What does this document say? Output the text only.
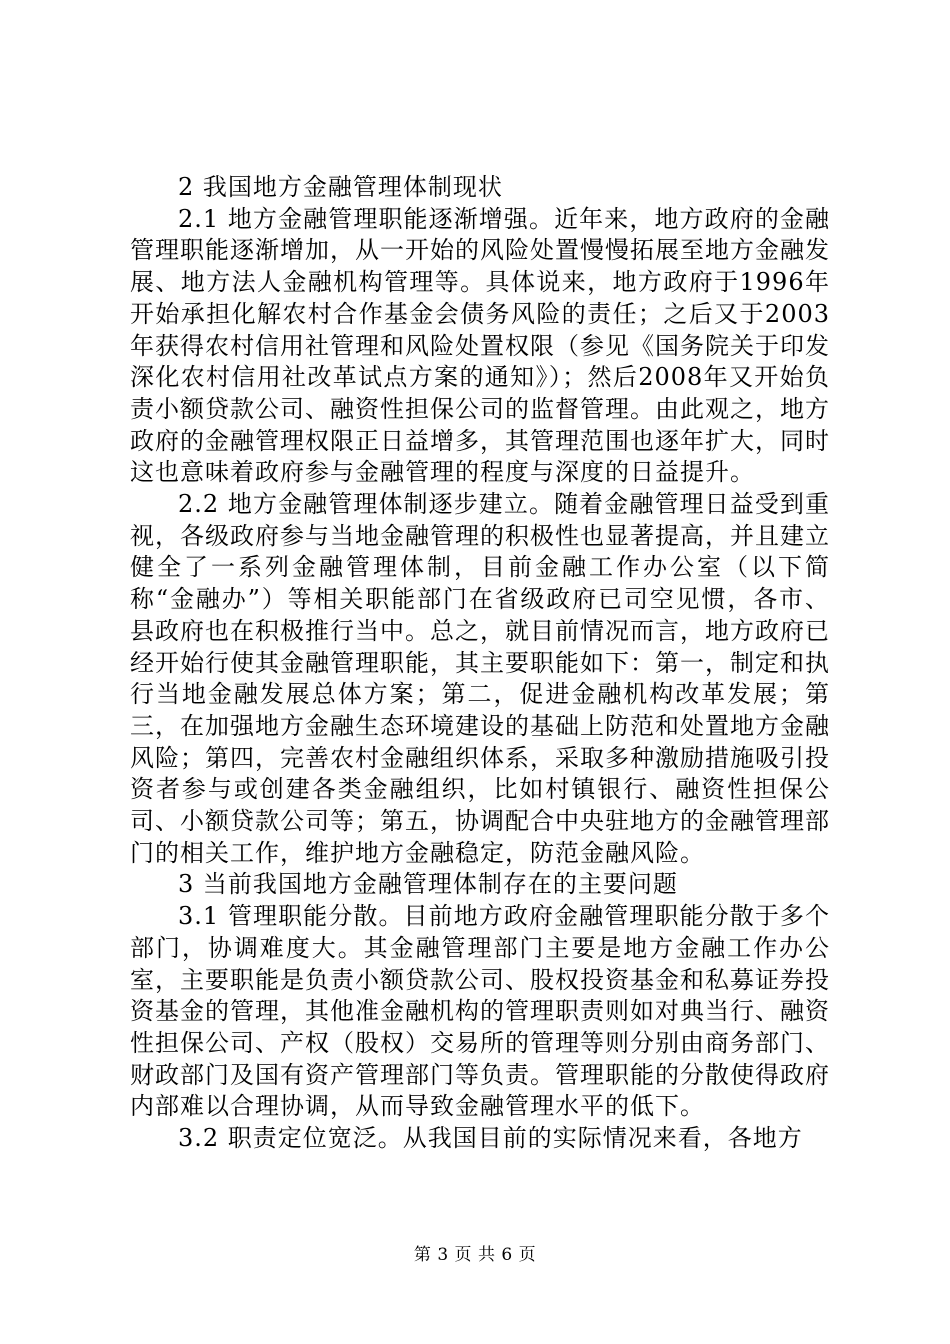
2 我国地方金融管理体制现状

2.1 地方金融管理职能逐渐增强。近年来，地方政府的金融管理职能逐渐增加，从一开始的风险处置慢慢拓展至地方金融发展、地方法人金融机构管理等。具体说来，地方政府于1996年开始承担化解农村合作基金会债务风险的责任；之后又于2003年获得农村信用社管理和风险处置权限（参见《国务院关于印发深化农村信用社改革试点方案的通知》）；然后2008年又开始负责小额贷款公司、融资性担保公司的监督管理。由此观之，地方政府的金融管理权限正日益增多，其管理范围也逐年扩大，同时这也意味着政府参与金融管理的程度与深度的日益提升。

2.2 地方金融管理体制逐步建立。随着金融管理日益受到重视，各级政府参与当地金融管理的积极性也显著提高，并且建立健全了一系列金融管理体制，目前金融工作办公室（以下简称“金融办”）等相关职能部门在省级政府已司空见惯，各市、县政府也在积极推行当中。总之，就目前情况而言，地方政府已经开始行使其金融管理职能，其主要职能如下：第一，制定和执行当地金融发展总体方案；第二，促进金融机构改革发展；第三，在加强地方金融生态环境建设的基础上防范和处置地方金融风险；第四，完善农村金融组织体系，采取多种激励措施吸引投资者参与或创建各类金融组织，比如村镇银行、融资性担保公司、小额贷款公司等；第五，协调配合中央驻地方的金融管理部门的相关工作，维护地方金融稳定，防范金融风险。

3 当前我国地方金融管理体制存在的主要问题

3.1 管理职能分散。目前地方政府金融管理职能分散于多个部门，协调难度大。其金融管理部门主要是地方金融工作办公室，主要职能是负责小额贷款公司、股权投资基金和私募证券投资基金的管理，其他准金融机构的管理职责则如对典当行、融资性担保公司、产权（股权）交易所的管理等则分别由商务部门、财政部门及国有资产管理部门等负责。管理职能的分散使得政府内部难以合理协调，从而导致金融管理水平的低下。

3.2 职责定位宽泛。从我国目前的实际情况来看，各地方

第 3 页 共 6 页
